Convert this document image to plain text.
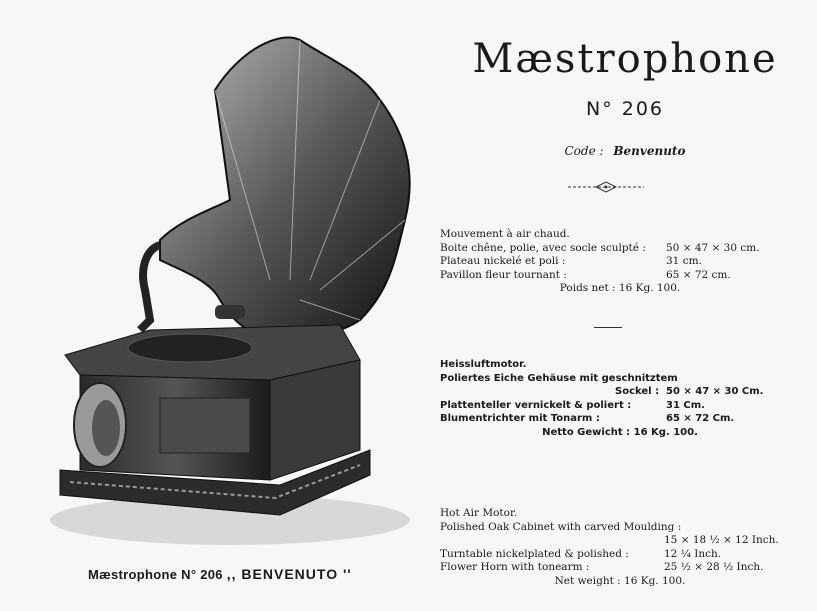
Mæstrophone N° 206 ,, BENVENUTO ''
Mæstrophone
N° 206
Code : Benvenuto
Mouvement à air chaud.
Boite chêne, polie, avec socle sculpté : 50 × 47 × 30 cm.
Plateau nickelé et poli :	31 cm.
Pavillon fleur tournant :	65 × 72 cm.
Poids net : 16 Kg. 100.
Heissluftmotor.
Poliertes Eiche Gehäuse mit geschnitztem
Sockel : 50 × 47 × 30 Cm.
Plattenteller vernickelt & poliert :	31 Cm.
Blumentrichter mit Tonarm :	65 × 72 Cm.
Netto Gewicht : 16 Kg. 100.
Hot Air Motor.
Polished Oak Cabinet with carved Moulding :
15 × 18 ½ × 12 Inch.
Turntable nickelplated & polished :	12 ¼ Inch.
Flower Horn with tonearm :	25 ½ × 28 ½ Inch.
Net weight : 16 Kg. 100.
